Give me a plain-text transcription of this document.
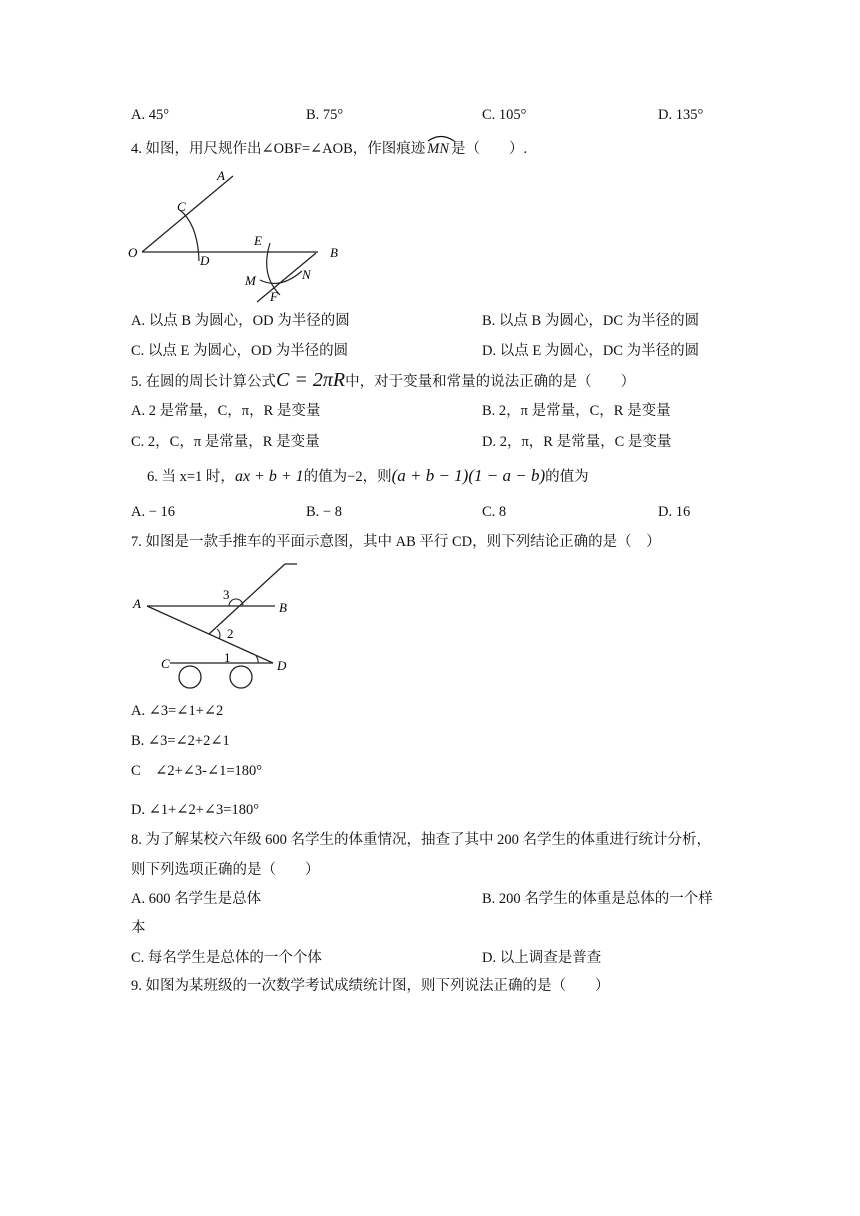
A. 45°	B. 75°	C. 105°	D. 135°
4. 如图，用尺规作出∠OBF=∠AOB，作图痕迹 MN 是（　　）.
A
C
O
D
E
B
M	N
F
A. 以点 B 为圆心，OD 为半径的圆	B. 以点 B 为圆心，DC 为半径的圆
C. 以点 E 为圆心，OD 为半径的圆	D. 以点 E 为圆心，DC 为半径的圆
5. 在圆的周长计算公式C = 2πR中，对于变量和常量的说法正确的是（　　）
A. 2 是常量，C，π，R 是变量	B. 2，π 是常量，C，R 是变量
C. 2，C，π 是常量，R 是变量	D. 2，π，R 是常量，C 是变量
6. 当 x=1 时，ax + b + 1的值为−2，则(a + b − 1)(1 − a − b)的值为
A. − 16	B. − 8	C. 8	D. 16
7. 如图是一款手推车的平面示意图，其中 AB 平行 CD，则下列结论正确的是（　）
A
3
B
2
C	1
D
A. ∠3=∠1+∠2
B. ∠3=∠2+2∠1
C　∠2+∠3-∠1=180°
D. ∠1+∠2+∠3=180°
8. 为了解某校六年级 600 名学生的体重情况，抽查了其中 200 名学生的体重进行统计分析，
则下列选项正确的是（　　）
A. 600 名学生是总体	B. 200 名学生的体重是总体的一个样
本
C. 每名学生是总体的一个个体	D. 以上调查是普查
9. 如图为某班级的一次数学考试成绩统计图，则下列说法正确的是（　　）
